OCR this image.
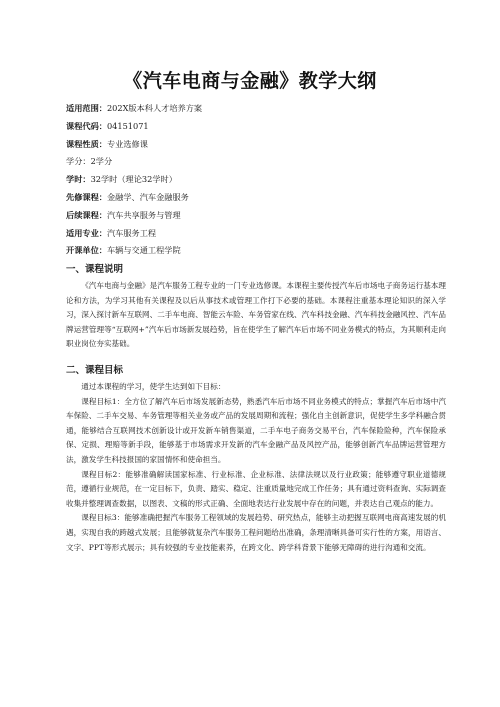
《汽车电商与金融》教学大纲
适用范围：202X版本科人才培养方案
课程代码：04151071
课程性质：专业选修课
学分：2学分
学时：32学时（理论32学时）
先修课程：金融学、汽车金融服务
后续课程：汽车共享服务与管理
适用专业：汽车服务工程
开课单位：车辆与交通工程学院
一、课程说明

《汽车电商与金融》是汽车服务工程专业的一门专业选修课。本课程主要传授汽车后市场电子商务运行基本理论和方法，为学习其他有关课程及以后从事技术或管理工作打下必要的基础。本课程注重基本理论知识的深入学习，深入探讨新车互联网、二手车电商、智能云车险、车务管家在线、汽车科技金融、汽车科技金融风控、汽车品牌运营管理等“互联网+”汽车后市场新发展趋势，旨在使学生了解汽车后市场不同业务模式的特点，为其顺利走向职业岗位夯实基础。

二、课程目标

通过本课程的学习，使学生达到如下目标：

课程目标1：全方位了解汽车后市场发展新态势，熟悉汽车后市场不同业务模式的特点；掌握汽车后市场中汽车保险、二手车交易、车务管理等相关业务或产品的发展周期和流程；强化自主创新意识，促使学生多学科融合贯通，能够结合互联网技术创新设计或开发新车销售渠道，二手车电子商务交易平台，汽车保险险种，汽车保险承保、定损、理赔等新手段，能够基于市场需求开发新的汽车金融产品及风控产品，能够创新汽车品牌运营管理方法，激发学生科技报国的家国情怀和使命担当。

课程目标2：能够准确解读国家标准、行业标准、企业标准、法律法规以及行业政策；能够遵守职业道德规范，遵循行业规范，在一定目标下，负责、踏实、稳定、注重质量地完成工作任务；具有通过资料查询、实际调查收集并整理调查数据，以图表、文稿的形式正确、全面地表达行业发展中存在的问题，并表达自己观点的能力。

课程目标3：能够准确把握汽车服务工程领域的发展趋势、研究热点，能够主动把握互联网电商高速发展的机遇，实现自我的跨越式发展；且能够就复杂汽车服务工程问题给出准确，条理清晰具备可实行性的方案，用语言、文字、PPT等形式展示；具有较强的专业技能素养，在跨文化、跨学科背景下能够无障碍的进行沟通和交流。
